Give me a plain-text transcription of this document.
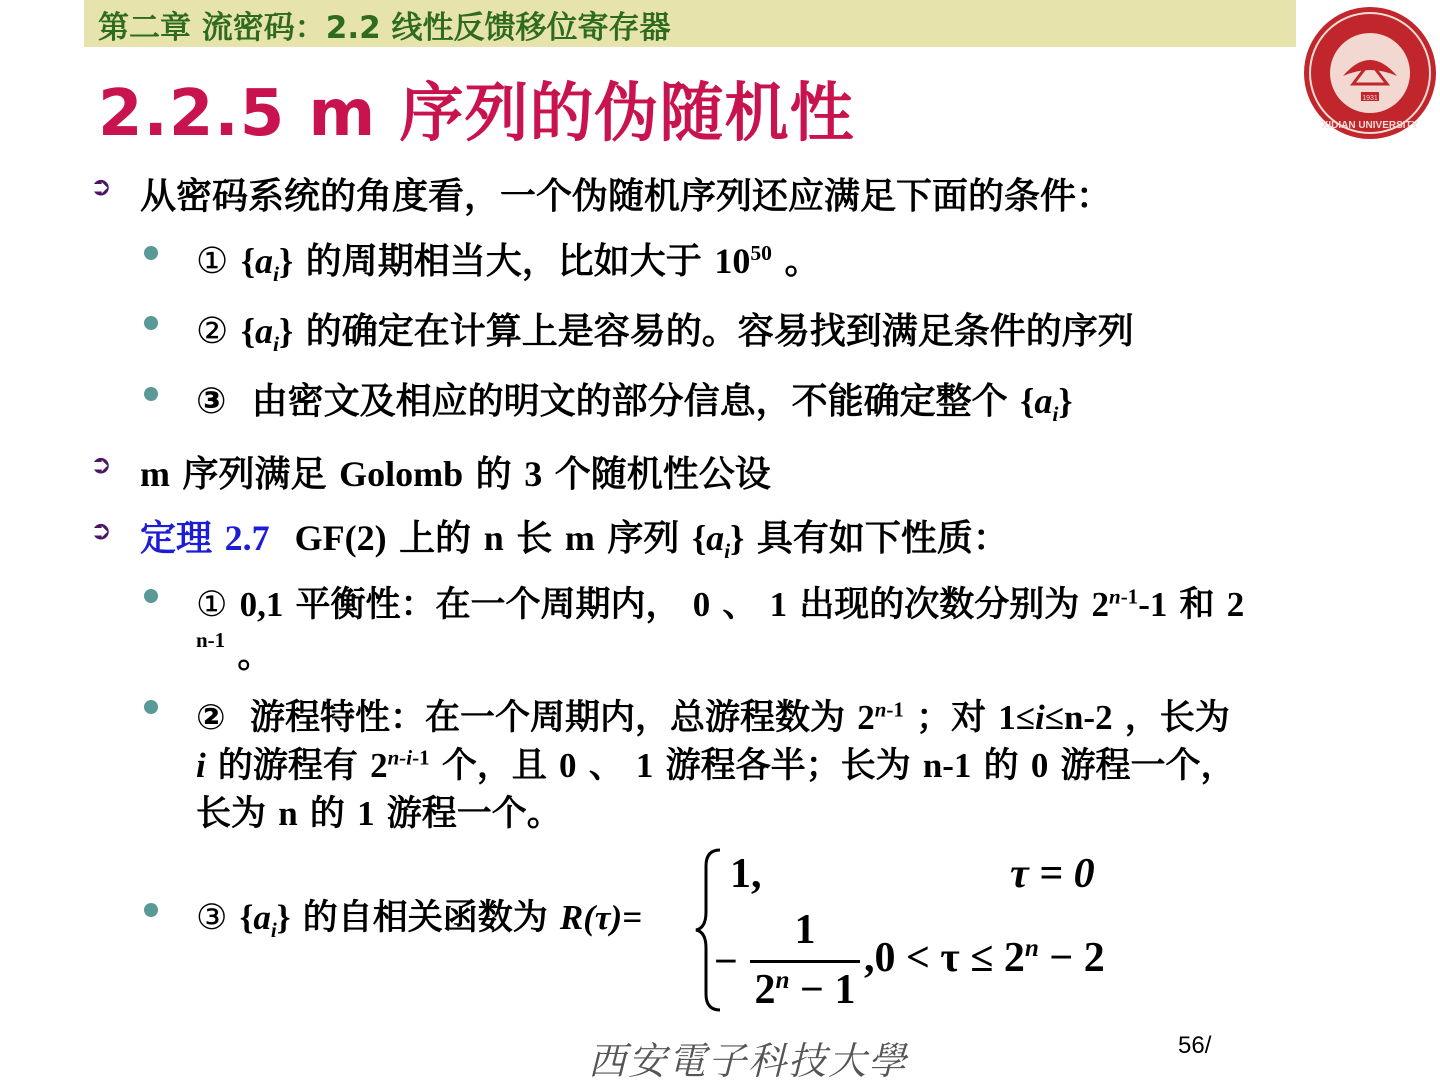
第二章 流密码：2.2 线性反馈移位寄存器
2.2.5 m 序列的伪随机性	1931
XIDIAN UNIVERSITY
➲ 从密码系统的角度看，一个伪随机序列还应满足下面的条件：
① $\{a_i\}$ 的周期相当大，比如大于 $10^{50}$ 。
② $\{a_i\}$ 的确定在计算上是容易的。容易找到满足条件的序列
③ 由密文及相应的明文的部分信息，不能确定整个 $\{a_i\}$
➲ m 序列满足 Golomb 的 3 个随机性公设
➲ 定理 2.7 GF(2) 上的 n 长 m 序列 $\{a_i\}$ 具有如下性质：
① 0,1 平衡性：在一个周期内， 0 、 1 出现的次数分别为 2$^{n-1}$-1 和 2
$^{n-1}$ 。
② 游程特性：在一个周期内，总游程数为 2$^{n-1}$ ；对 1≤i≤n-2 ，长为
i 的游程有 2$^{n-i-1}$ 个，且 0 、 1 游程各半；长为 n-1 的 0 游程一个，
长为 n 的 1 游程一个。
③ $\{a_i\}$ 的自相关函数为 R(τ)=
1,	τ = 0
−
1
$2^n - 1$
$,0 < \tau \le 2^n - 2$
西安電子科技大學	56/
